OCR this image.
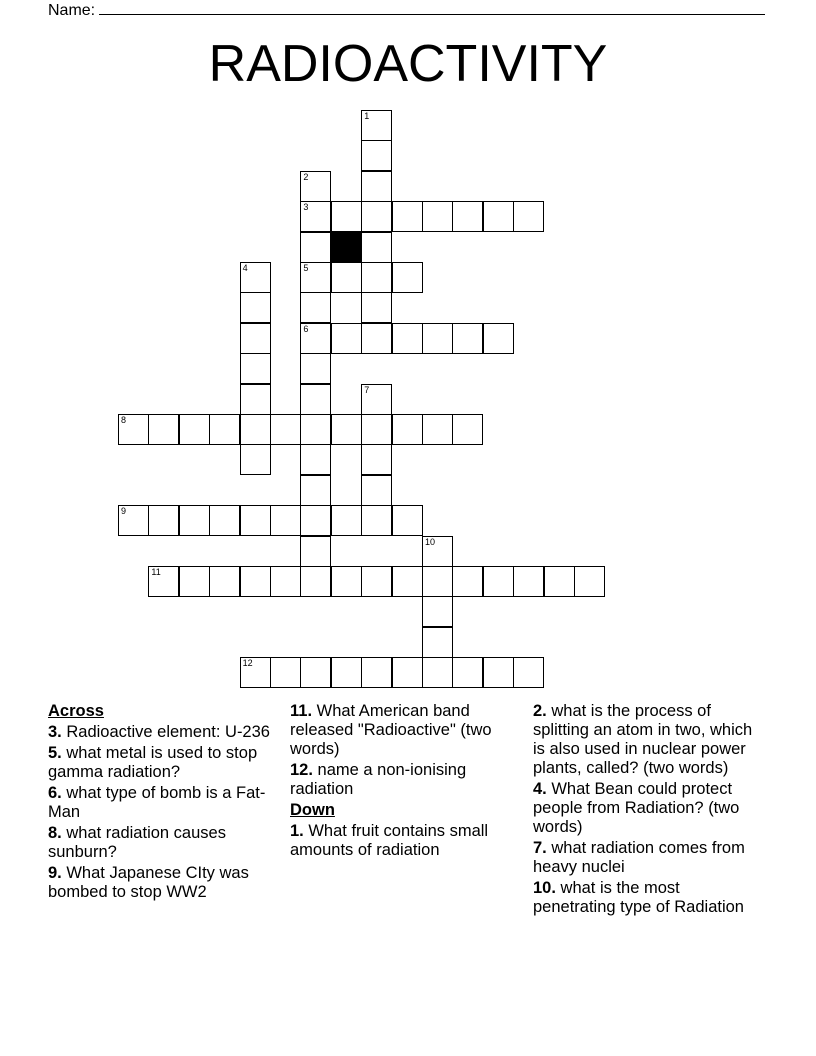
Name:
RADIOACTIVITY
1
2
3
5
6
4
7
8
9
10
11
12
Across
3. Radioactive element: U-236
5. what metal is used to stop gamma radiation?
6. what type of bomb is a Fat-Man
8. what radiation causes sunburn?
9. What Japanese CIty was bombed to stop WW2
11. What American band released "Radioactive" (two words)
12. name a non-ionising radiation
Down
1. What fruit contains small amounts of radiation
2. what is the process of splitting an atom in two, which is also used in nuclear power plants, called? (two words)
4. What Bean could protect people from Radiation? (two words)
7. what radiation comes from heavy nuclei
10. what is the most penetrating type of Radiation
